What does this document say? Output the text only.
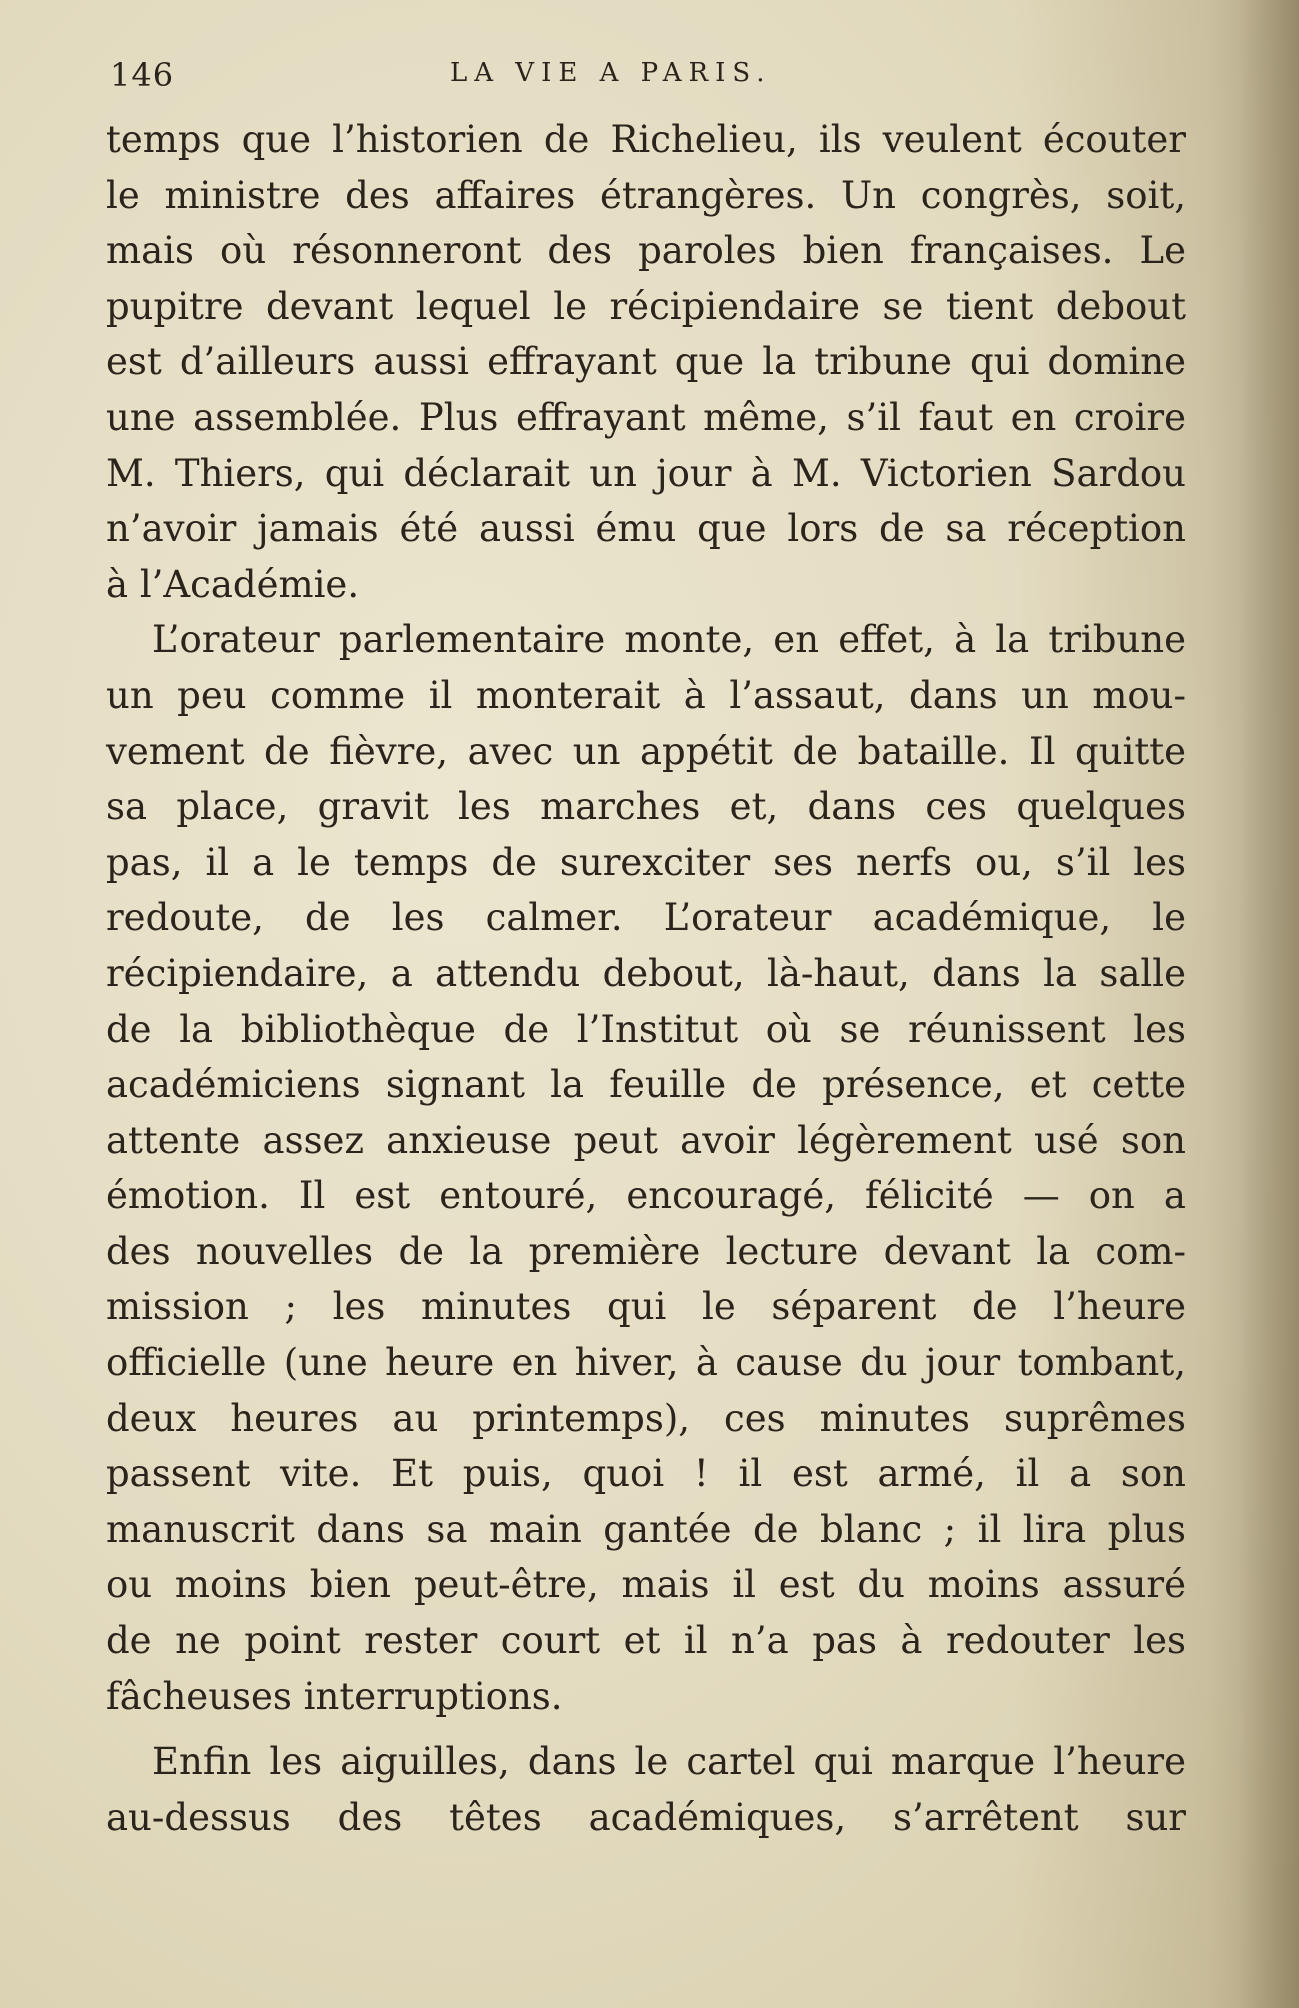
146	LA VIE A PARIS.
temps que l’historien de Richelieu, ils veulent écouter
le ministre des affaires étrangères. Un congrès, soit,
mais où résonneront des paroles bien françaises. Le
pupitre devant lequel le récipiendaire se tient debout
est d’ailleurs aussi effrayant que la tribune qui domine
une assemblée. Plus effrayant même, s’il faut en croire
M. Thiers, qui déclarait un jour à M. Victorien Sardou
n’avoir jamais été aussi ému que lors de sa réception
à l’Académie.
L’orateur parlementaire monte, en effet, à la tribune
un peu comme il monterait à l’assaut, dans un mou-
vement de fièvre, avec un appétit de bataille. Il quitte
sa place, gravit les marches et, dans ces quelques
pas, il a le temps de surexciter ses nerfs ou, s’il les
redoute, de les calmer. L’orateur académique, le
récipiendaire, a attendu debout, là-haut, dans la salle
de la bibliothèque de l’Institut où se réunissent les
académiciens signant la feuille de présence, et cette
attente assez anxieuse peut avoir légèrement usé son
émotion. Il est entouré, encouragé, félicité — on a
des nouvelles de la première lecture devant la com-
mission ; les minutes qui le séparent de l’heure
officielle (une heure en hiver, à cause du jour tombant,
deux heures au printemps), ces minutes suprêmes
passent vite. Et puis, quoi ! il est armé, il a son
manuscrit dans sa main gantée de blanc ; il lira plus
ou moins bien peut-être, mais il est du moins assuré
de ne point rester court et il n’a pas à redouter les
fâcheuses interruptions.
Enfin les aiguilles, dans le cartel qui marque l’heure
au-dessus des têtes académiques, s’arrêtent sur
